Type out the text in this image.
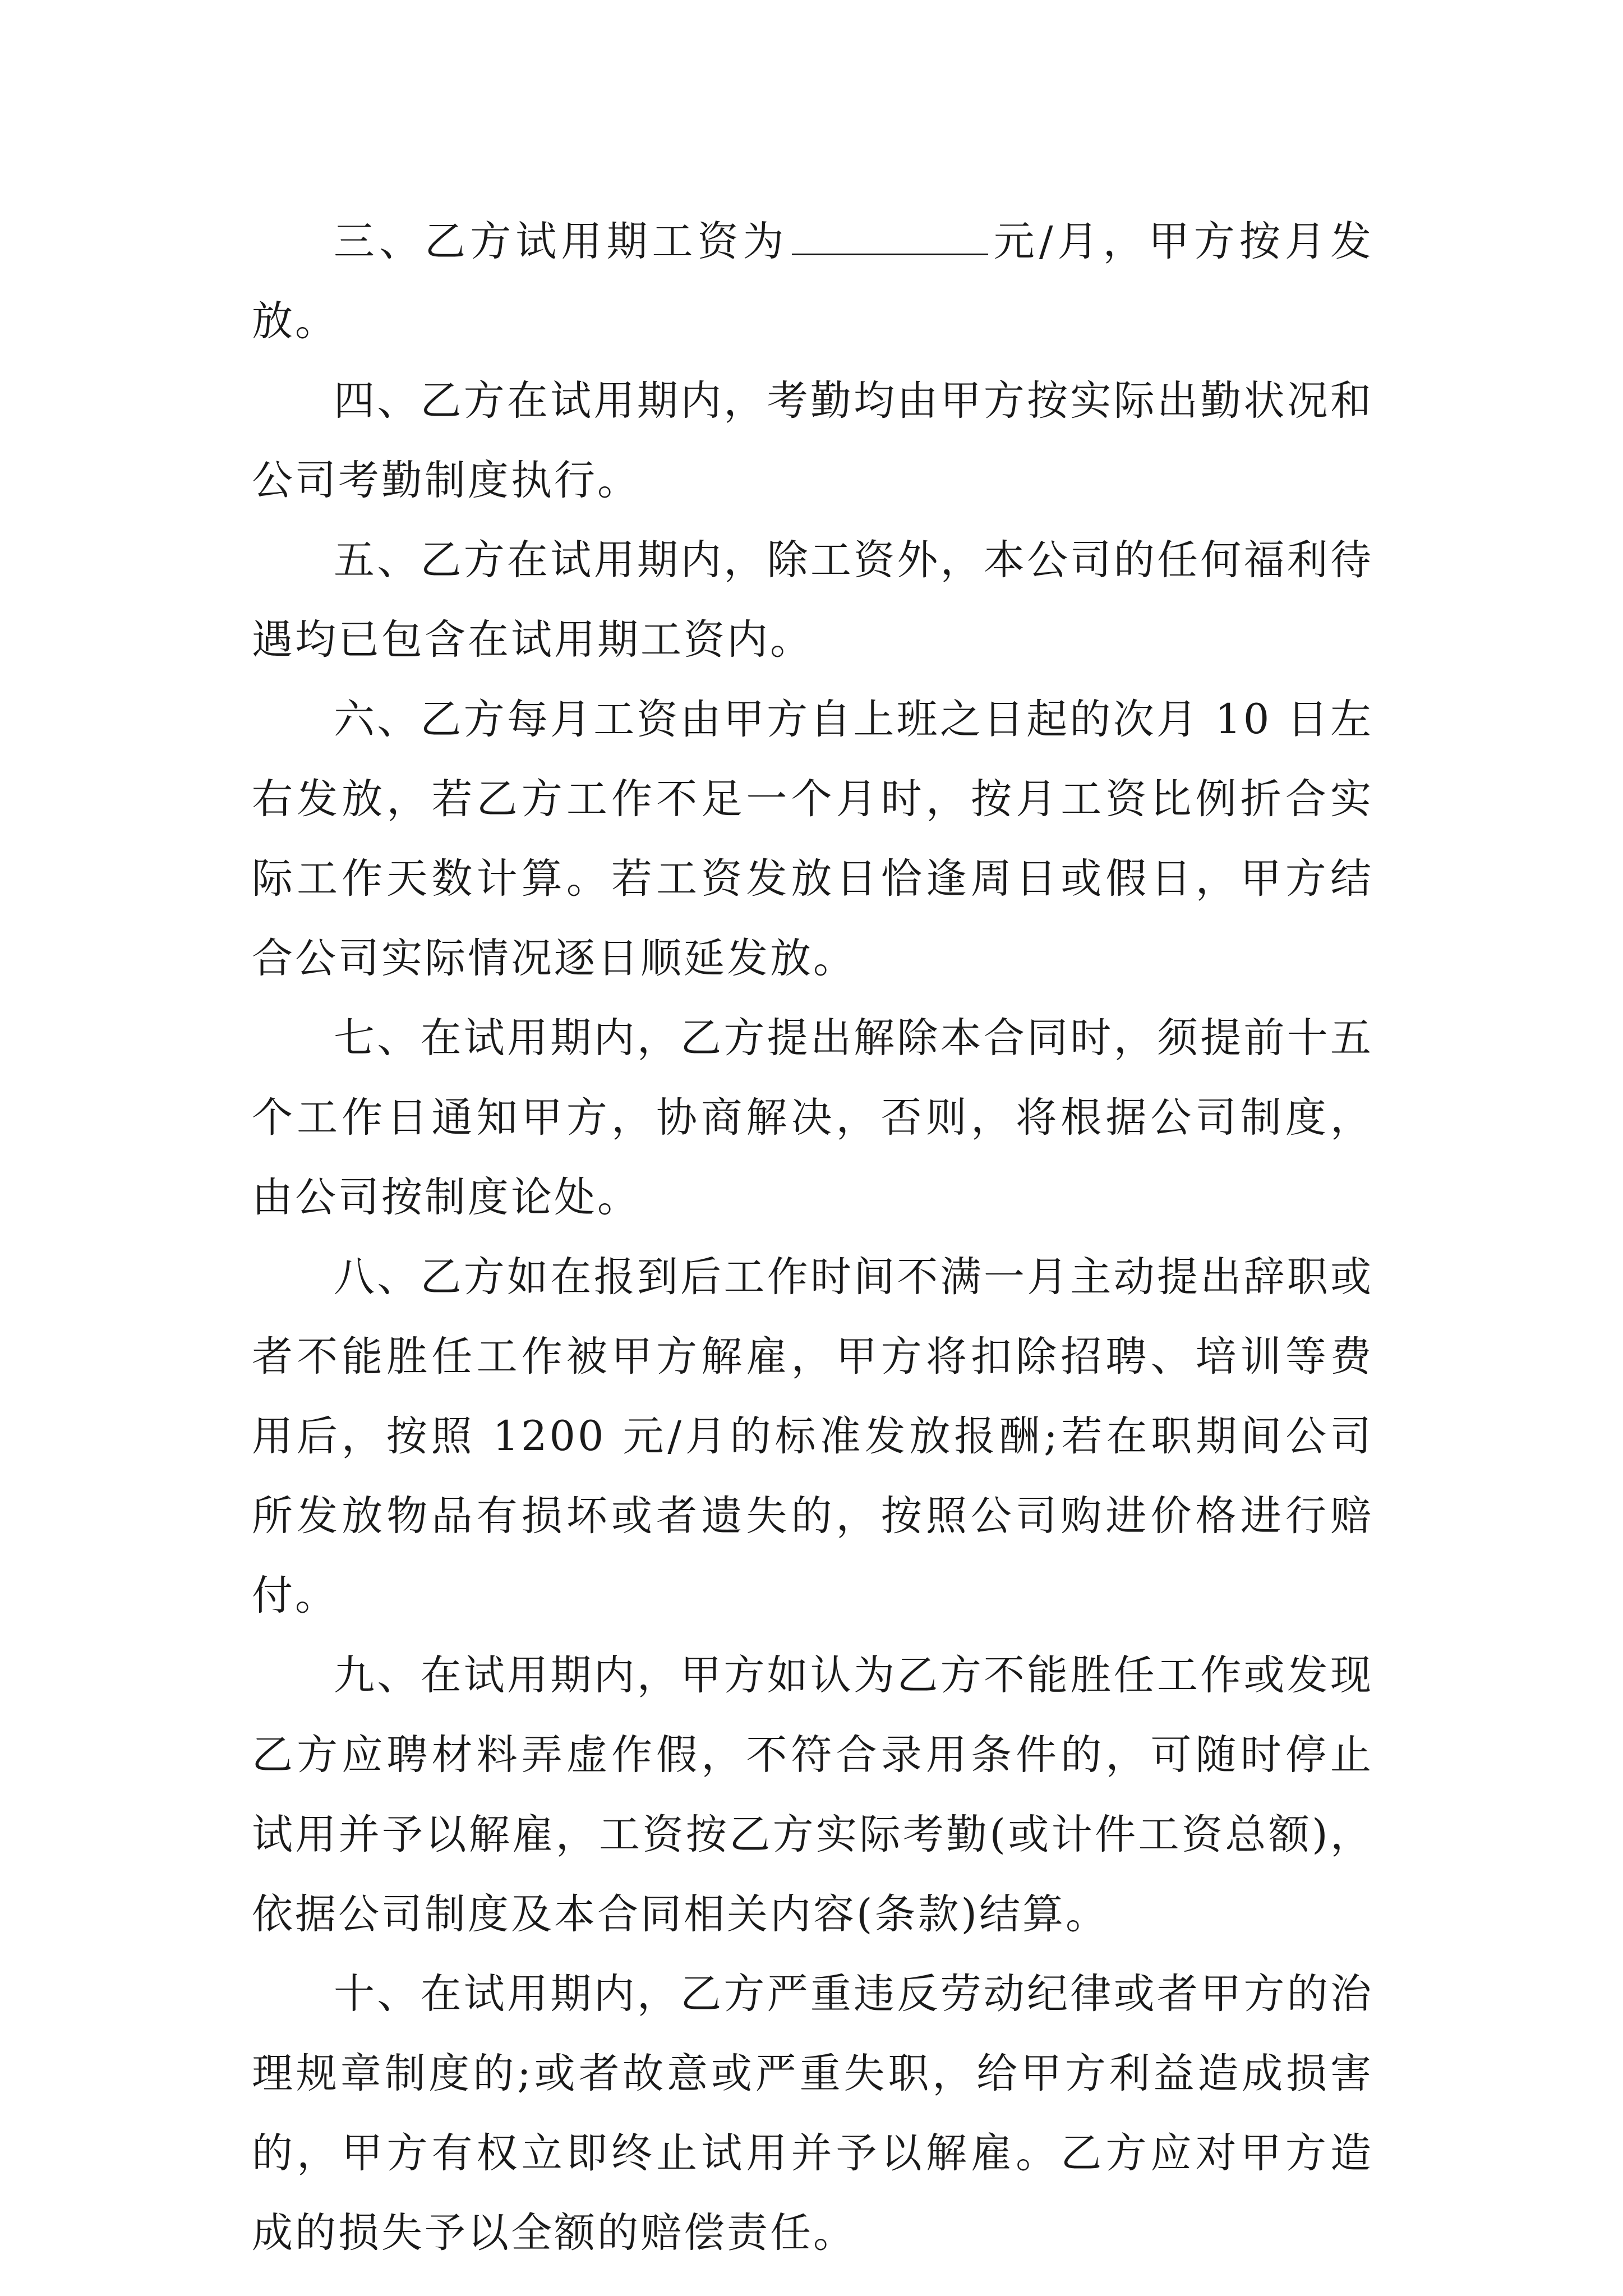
三、乙方试用期工资为	元/月，甲方按月发放。

四、乙方在试用期内，考勤均由甲方按实际出勤状况和公司考勤制度执行。

五、乙方在试用期内，除工资外，本公司的任何福利待遇均已包含在试用期工资内。

六、乙方每月工资由甲方自上班之日起的次月 10 日左右发放，若乙方工作不足一个月时，按月工资比例折合实际工作天数计算。若工资发放日恰逢周日或假日，甲方结合公司实际情况逐日顺延发放。

七、在试用期内，乙方提出解除本合同时，须提前十五个工作日通知甲方，协商解决，否则，将根据公司制度，由公司按制度论处。

八、乙方如在报到后工作时间不满一月主动提出辞职或者不能胜任工作被甲方解雇，甲方将扣除招聘、培训等费用后，按照 1200 元/月的标准发放报酬;若在职期间公司所发放物品有损坏或者遗失的，按照公司购进价格进行赔付。

九、在试用期内，甲方如认为乙方不能胜任工作或发现乙方应聘材料弄虚作假，不符合录用条件的，可随时停止试用并予以解雇，工资按乙方实际考勤(或计件工资总额)，依据公司制度及本合同相关内容(条款)结算。

十、在试用期内，乙方严重违反劳动纪律或者甲方的治理规章制度的;或者故意或严重失职，给甲方利益造成损害的，甲方有权立即终止试用并予以解雇。乙方应对甲方造成的损失予以全额的赔偿责任。
